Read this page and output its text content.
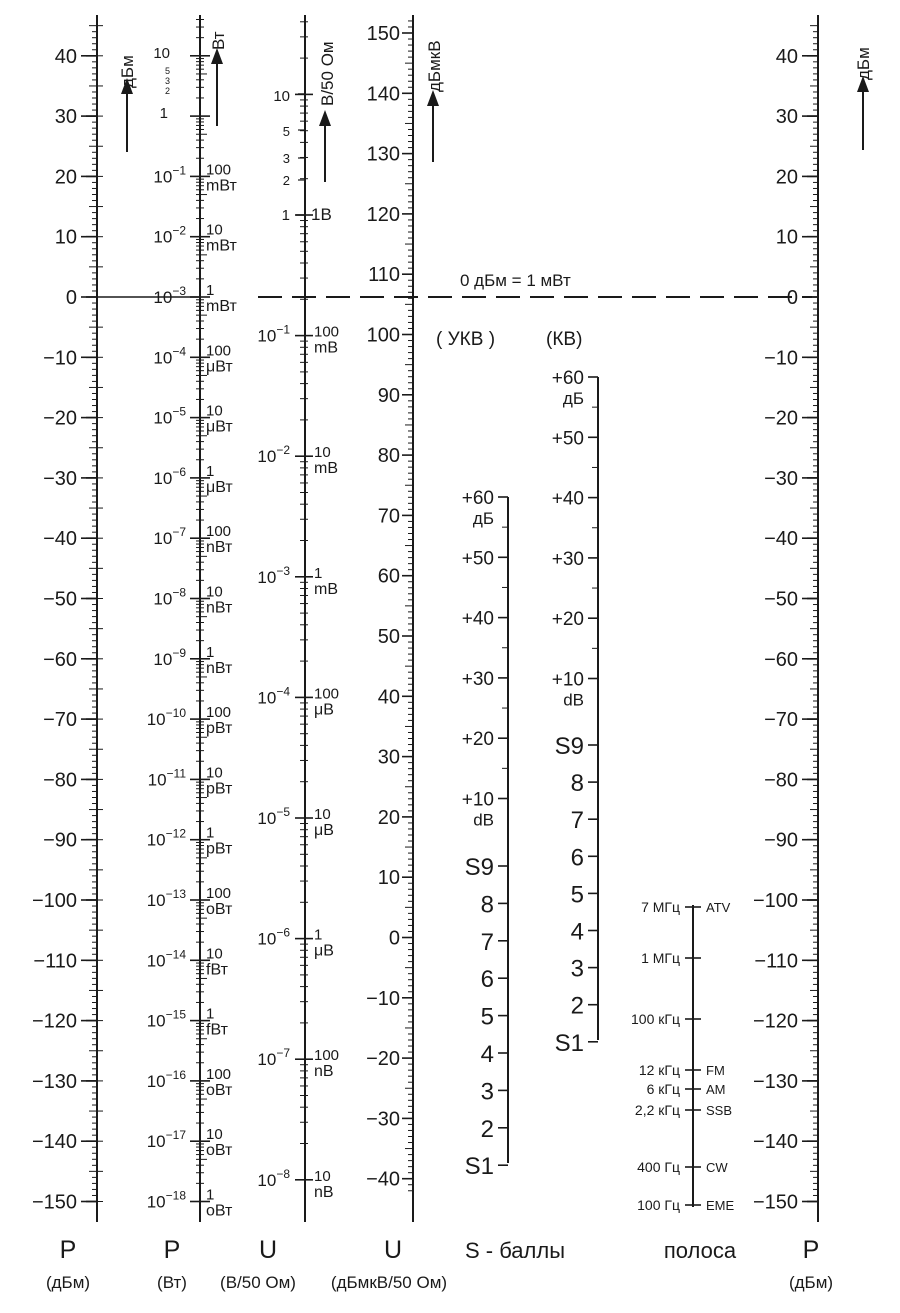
0 дБм = 1 мВт
дБм
Вт
В/50 Ом	дБмкВ	дБм
40
30
20
10
0
−10
−20
−30
−40
−50
−60
−70
−80
−90
−100
−110
−120
−130
−140
−150
40
30
20
10
0
−10
−20
−30
−40
−50
−60
−70
−80
−90
−100
−110
−120
−130
−140
−150
150
140
130
120
110
100
90
80
70
60
50
40
30
20
10
0
−10
−20
−30
−40
$10^{-1}$ 100
mВт
$10^{-2}$ 10
mВт
$10^{-3}$ 1
mВт
$10^{-4}$ 100
μВт
$10^{-5}$ 10
μВт
$10^{-6}$ 1
μВт
$10^{-7}$ 100
nВт
$10^{-8}$ 10
nВт
$10^{-9}$ 1
nВт
$10^{-10}$ 100
pВт
$10^{-11}$ 10
pВт
$10^{-12}$ 1
pВт
$10^{-13}$ 100
oВт
$10^{-14}$ 10
fВт
$10^{-15}$ 1
fВт
$10^{-16}$ 100
oВт
$10^{-17}$ 10
oВт
$10^{-18}$ 1
oВт
$10^{-1}$ 100
mB
$10^{-2}$ 10
mB
$10^{-3}$ 1
mB
$10^{-4}$ 100
μB
$10^{-5}$ 10
μB
$10^{-6}$ 1
μB
$10^{-7}$ 100
nB
$10^{-8}$ 10
nB
+60
+50
+40
+30
+20
+10
дБ
dB
S9
8
7
6
5
4
3
2
S1
+60
+50
+40
+30
+20
+10
дБ
dB
S9
8
7
6
5
4
3
2
S1
7 МГц ATV
1 МГц
100 кГц
12 кГц FM
6 кГц AM
2,2 кГц SSB
400 Гц CW
100 Гц EME
10
5
3
2
1
10
5
3
2
1 1В
( УКВ )	(КВ)
P
(дБм)
P
(Вт)
U
(В/50 Ом)
U
(дБмкВ/50 Ом)
S - баллы	полоса	P
(дБм)
